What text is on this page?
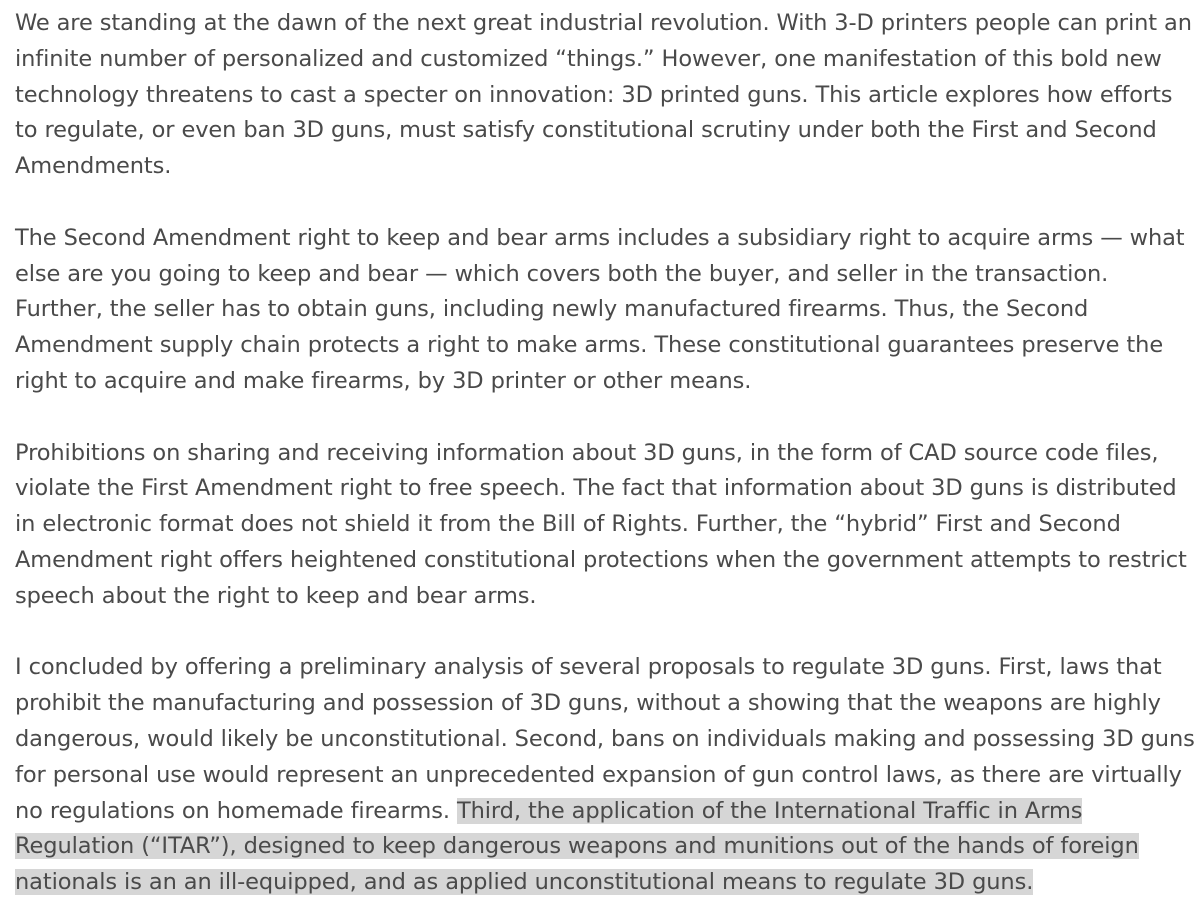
We are standing at the dawn of the next great industrial revolution. With 3-D printers people can print an infinite number of personalized and customized “things.” However, one manifestation of this bold new technology threatens to cast a specter on innovation: 3D printed guns. This article explores how efforts to regulate, or even ban 3D guns, must satisfy constitutional scrutiny under both the First and Second Amendments.

The Second Amendment right to keep and bear arms includes a subsidiary right to acquire arms — what else are you going to keep and bear — which covers both the buyer, and seller in the transaction. Further, the seller has to obtain guns, including newly manufactured firearms. Thus, the Second Amendment supply chain protects a right to make arms. These constitutional guarantees preserve the right to acquire and make firearms, by 3D printer or other means.

Prohibitions on sharing and receiving information about 3D guns, in the form of CAD source code files, violate the First Amendment right to free speech. The fact that information about 3D guns is distributed in electronic format does not shield it from the Bill of Rights. Further, the “hybrid” First and Second Amendment right offers heightened constitutional protections when the government attempts to restrict speech about the right to keep and bear arms.

I concluded by offering a preliminary analysis of several proposals to regulate 3D guns. First, laws that prohibit the manufacturing and possession of 3D guns, without a showing that the weapons are highly dangerous, would likely be unconstitutional. Second, bans on individuals making and possessing 3D guns for personal use would represent an unprecedented expansion of gun control laws, as there are virtually no regulations on homemade firearms. Third, the application of the International Traffic in Arms Regulation (“ITAR”), designed to keep dangerous weapons and munitions out of the hands of foreign nationals is an an ill-equipped, and as applied unconstitutional means to regulate 3D guns.
